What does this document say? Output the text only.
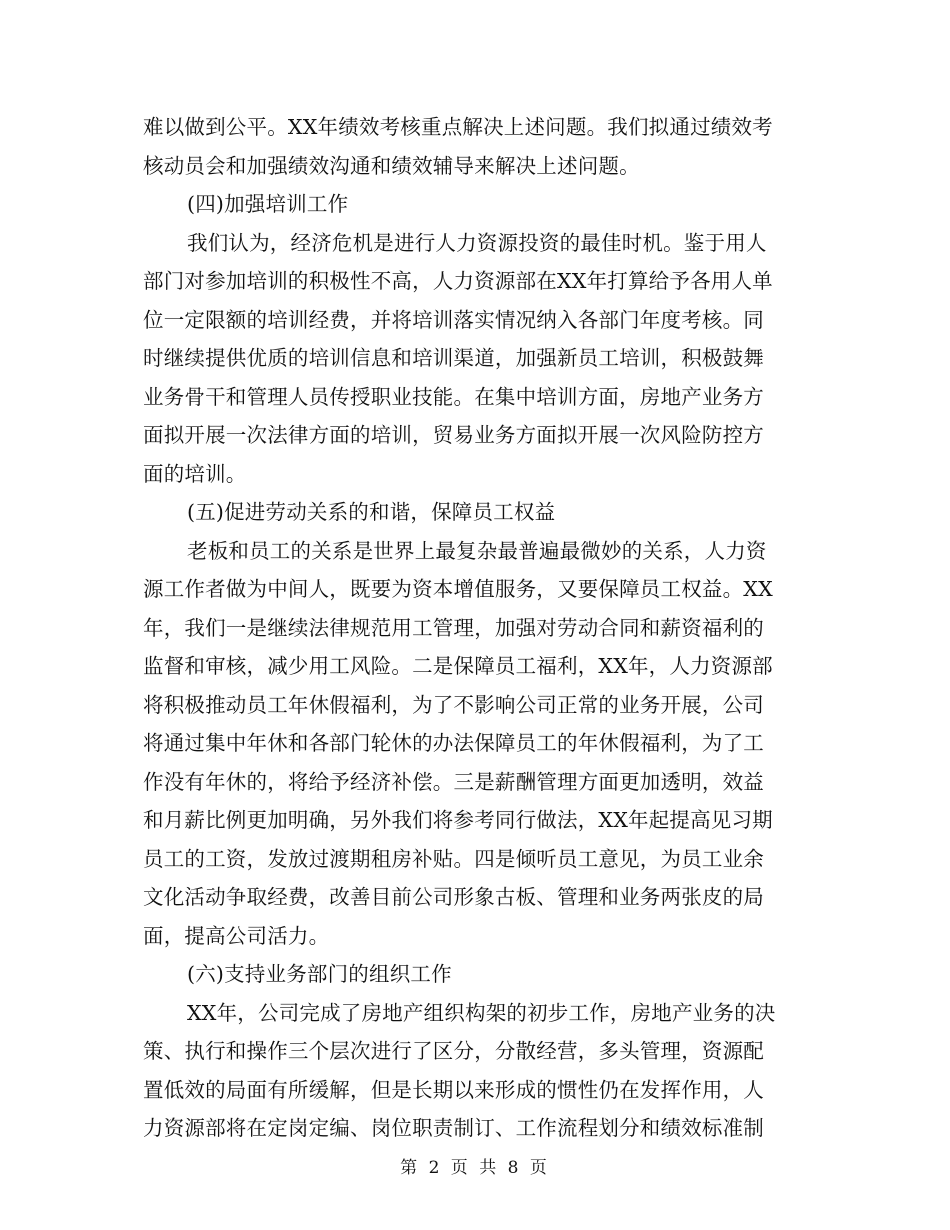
难以做到公平。XX年绩效考核重点解决上述问题。我们拟通过绩效考
核动员会和加强绩效沟通和绩效辅导来解决上述问题。
(四)加强培训工作
我们认为，经济危机是进行人力资源投资的最佳时机。鉴于用人
部门对参加培训的积极性不高，人力资源部在XX年打算给予各用人单
位一定限额的培训经费，并将培训落实情况纳入各部门年度考核。同
时继续提供优质的培训信息和培训渠道，加强新员工培训，积极鼓舞
业务骨干和管理人员传授职业技能。在集中培训方面，房地产业务方
面拟开展一次法律方面的培训，贸易业务方面拟开展一次风险防控方
面的培训。
(五)促进劳动关系的和谐，保障员工权益
老板和员工的关系是世界上最复杂最普遍最微妙的关系，人力资
源工作者做为中间人，既要为资本增值服务，又要保障员工权益。XX
年，我们一是继续法律规范用工管理，加强对劳动合同和薪资福利的
监督和审核，减少用工风险。二是保障员工福利，XX年，人力资源部
将积极推动员工年休假福利，为了不影响公司正常的业务开展，公司
将通过集中年休和各部门轮休的办法保障员工的年休假福利，为了工
作没有年休的，将给予经济补偿。三是薪酬管理方面更加透明，效益
和月薪比例更加明确，另外我们将参考同行做法，XX年起提高见习期
员工的工资，发放过渡期租房补贴。四是倾听员工意见，为员工业余
文化活动争取经费，改善目前公司形象古板、管理和业务两张皮的局
面，提高公司活力。
(六)支持业务部门的组织工作
XX年，公司完成了房地产组织构架的初步工作，房地产业务的决
策、执行和操作三个层次进行了区分，分散经营，多头管理，资源配
置低效的局面有所缓解，但是长期以来形成的惯性仍在发挥作用，人
力资源部将在定岗定编、岗位职责制订、工作流程划分和绩效标准制
第 2 页 共 8 页
